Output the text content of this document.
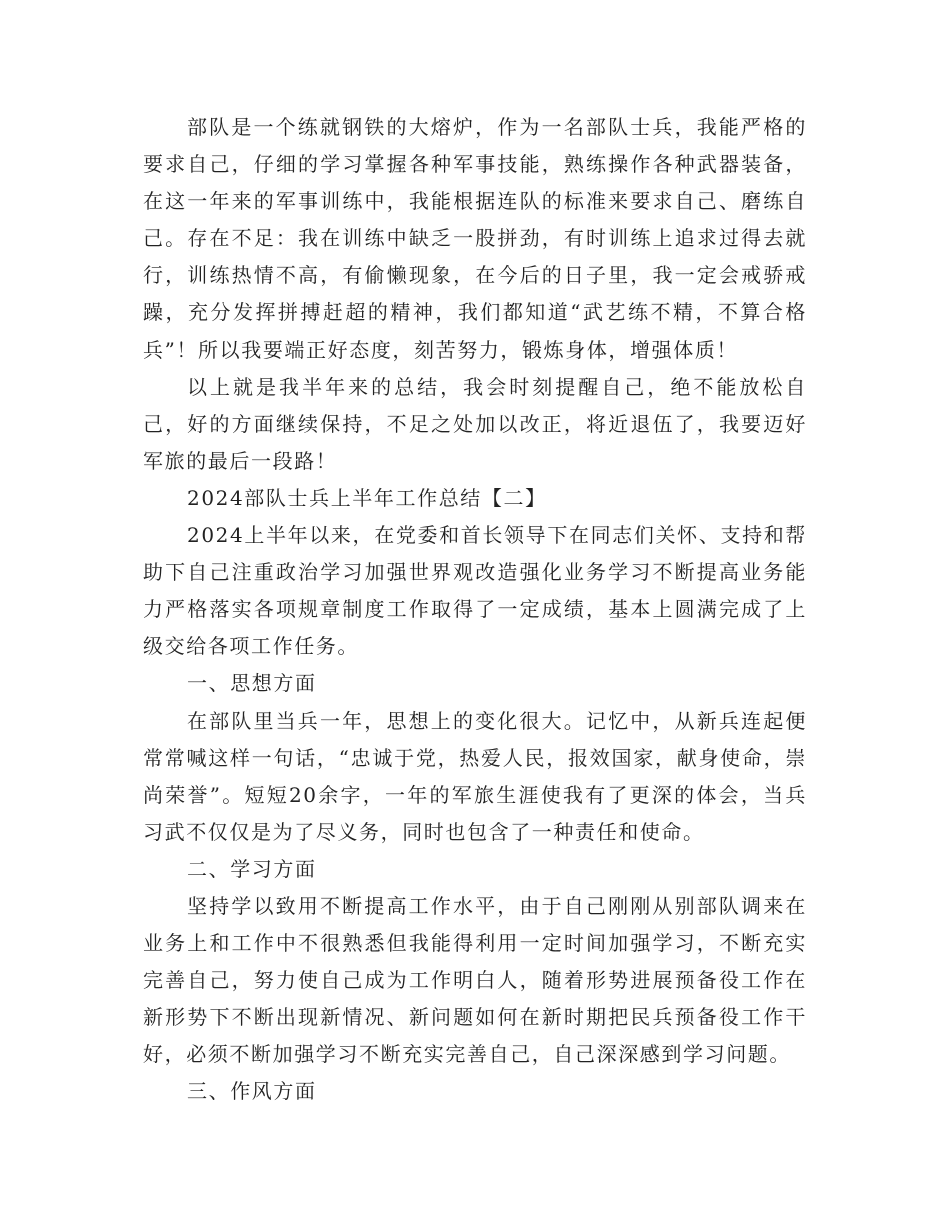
部队是一个练就钢铁的大熔炉，作为一名部队士兵，我能严格的要求自己，仔细的学习掌握各种军事技能，熟练操作各种武器装备，在这一年来的军事训练中，我能根据连队的标准来要求自己、磨练自己。存在不足：我在训练中缺乏一股拼劲，有时训练上追求过得去就行，训练热情不高，有偷懒现象，在今后的日子里，我一定会戒骄戒躁，充分发挥拼搏赶超的精神，我们都知道“武艺练不精，不算合格兵”！所以我要端正好态度，刻苦努力，锻炼身体，增强体质！

以上就是我半年来的总结，我会时刻提醒自己，绝不能放松自己，好的方面继续保持，不足之处加以改正，将近退伍了，我要迈好军旅的最后一段路！

2024部队士兵上半年工作总结【二】

2024上半年以来，在党委和首长领导下在同志们关怀、支持和帮助下自己注重政治学习加强世界观改造强化业务学习不断提高业务能力严格落实各项规章制度工作取得了一定成绩，基本上圆满完成了上级交给各项工作任务。

一、思想方面

在部队里当兵一年，思想上的变化很大。记忆中，从新兵连起便常常喊这样一句话，“忠诚于党，热爱人民，报效国家，献身使命，崇尚荣誉”。短短20余字，一年的军旅生涯使我有了更深的体会，当兵习武不仅仅是为了尽义务，同时也包含了一种责任和使命。

二、学习方面

坚持学以致用不断提高工作水平，由于自己刚刚从别部队调来在业务上和工作中不很熟悉但我能得利用一定时间加强学习，不断充实完善自己，努力使自己成为工作明白人，随着形势进展预备役工作在新形势下不断出现新情况、新问题如何在新时期把民兵预备役工作干好，必须不断加强学习不断充实完善自己，自己深深感到学习问题。

三、作风方面
